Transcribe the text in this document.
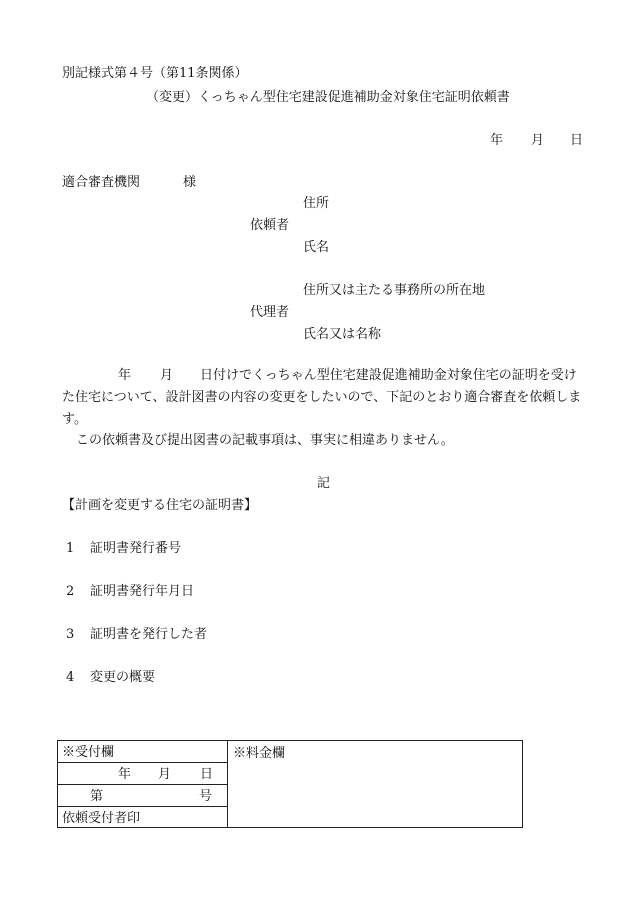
別記様式第４号（第11条関係）
（変更）くっちゃん型住宅建設促進補助金対象住宅証明依頼書
年 月 日
適合審査機関	様
住所
依頼者
氏名
住所又は主たる事務所の所在地
代理者
氏名又は名称
年 月 日付けでくっちゃん型住宅建設促進補助金対象住宅の証明を受けた住宅について、設計図書の内容の変更をしたいので、下記のとおり適合審査を依頼します。
この依頼書及び提出図書の記載事項は、事実に相違ありません。
記
【計画を変更する住宅の証明書】
1 証明書発行番号
2 証明書発行年月日
3 証明書を発行した者
4 変更の概要
※受付欄
年 月 日
第	号
依頼受付者印
※料金欄
